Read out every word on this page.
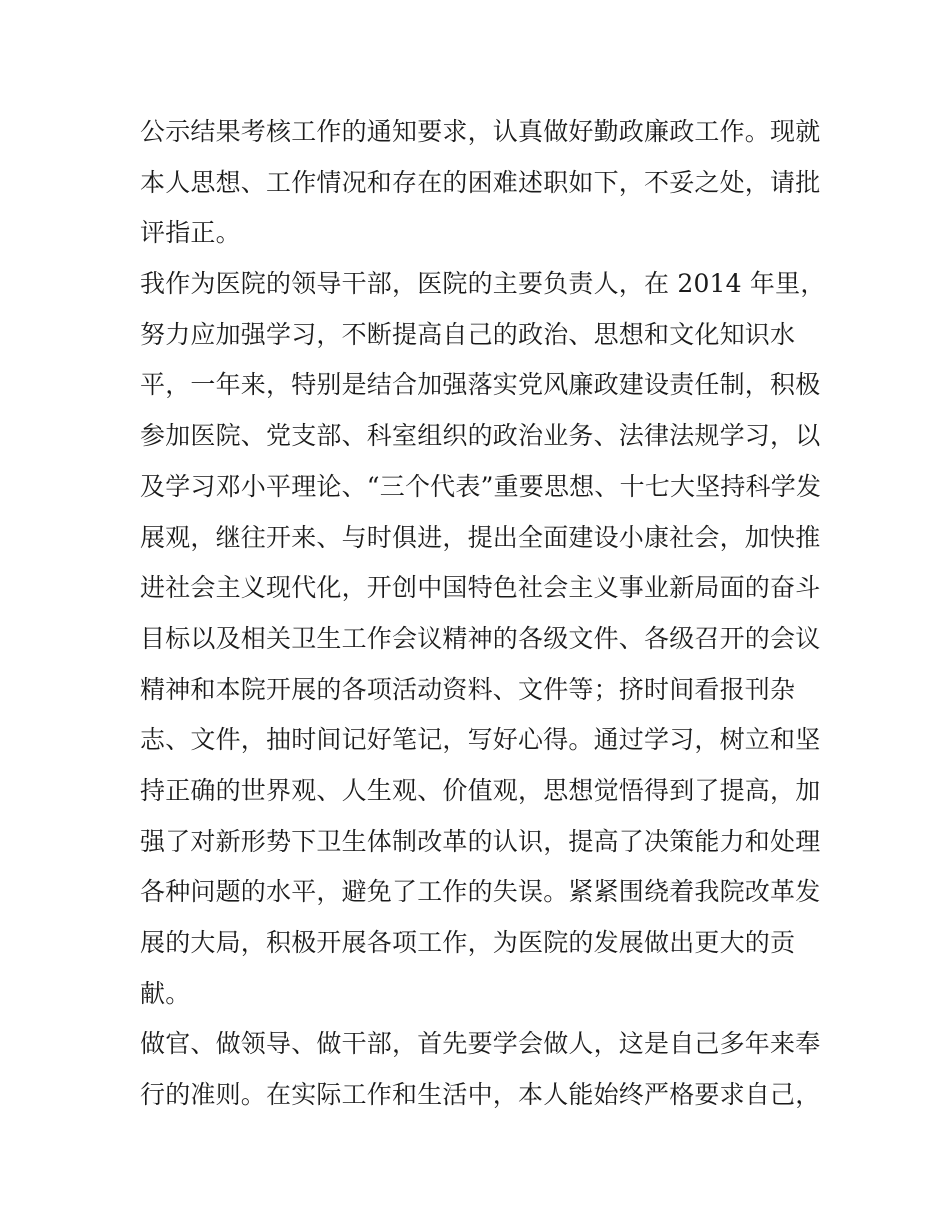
公示结果考核工作的通知要求，认真做好勤政廉政工作。现就
本人思想、工作情况和存在的困难述职如下，不妥之处，请批
评指正。
我作为医院的领导干部，医院的主要负责人，在 2014 年里，
努力应加强学习，不断提高自己的政治、思想和文化知识水
平，一年来，特别是结合加强落实党风廉政建设责任制，积极
参加医院、党支部、科室组织的政治业务、法律法规学习，以
及学习邓小平理论、“三个代表”重要思想、十七大坚持科学发
展观，继往开来、与时俱进，提出全面建设小康社会，加快推
进社会主义现代化，开创中国特色社会主义事业新局面的奋斗
目标以及相关卫生工作会议精神的各级文件、各级召开的会议
精神和本院开展的各项活动资料、文件等；挤时间看报刊杂
志、文件，抽时间记好笔记，写好心得。通过学习，树立和坚
持正确的世界观、人生观、价值观，思想觉悟得到了提高，加
强了对新形势下卫生体制改革的认识，提高了决策能力和处理
各种问题的水平，避免了工作的失误。紧紧围绕着我院改革发
展的大局，积极开展各项工作，为医院的发展做出更大的贡
献。
做官、做领导、做干部，首先要学会做人，这是自己多年来奉
行的准则。在实际工作和生活中，本人能始终严格要求自己，
